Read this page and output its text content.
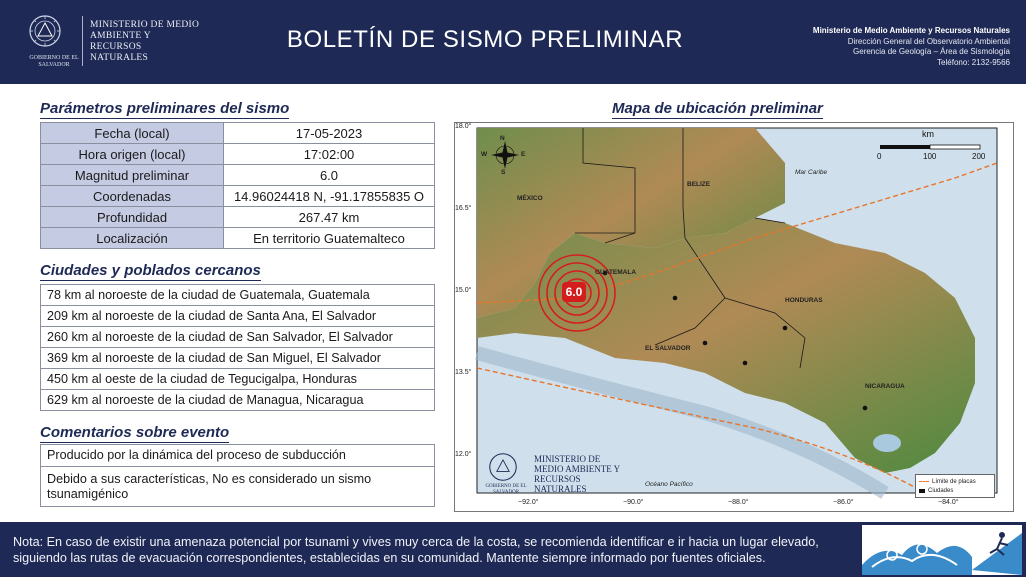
GOBIERNO DE EL SALVADOR
MINISTERIO DE MEDIO AMBIENTE Y RECURSOS NATURALES
BOLETÍN DE SISMO PRELIMINAR	Ministerio de Medio Ambiente y Recursos Naturales
Dirección General del Observatorio Ambiental
Gerencia de Geología – Área de Sismología
Teléfono: 2132-9566
Parámetros preliminares del sismo
Fecha (local)	17-05-2023
Hora origen (local)	17:02:00
Magnitud preliminar	6.0
Coordenadas	14.96024418 N, -91.17855835 O
Profundidad	267.47 km
Localización	En territorio Guatemalteco
Ciudades y poblados cercanos
78 km al noroeste de la ciudad de Guatemala, Guatemala
209 km al noroeste de la ciudad de Santa Ana, El Salvador
260 km al noroeste de la ciudad de San Salvador, El Salvador
369 km al noroeste de la ciudad de San Miguel, El Salvador
450 km al oeste de la ciudad de Tegucigalpa, Honduras
629 km al noroeste de la ciudad de Managua, Nicaragua
Comentarios sobre evento
Producido por la dinámica del proceso de subducción
Debido a sus características, No es considerado un sismo tsunamigénico
Mapa de ubicación preliminar
N
W	E
S
km
0	100	200
MÉXICO
BELIZE
GUATEMALA
HONDURAS
EL SALVADOR
NICARAGUA
Mar Caribe
Océano Pacífico
18.0°
16.5°
15.0°
13.5°
12.0°
−92.0°	−90.0°	−88.0°	−86.0°	−84.0°
6.0
Límite de placas
Ciudades
GOBIERNO DE EL SALVADOR
MINISTERIO DE MEDIO AMBIENTE Y RECURSOS NATURALES
Nota: En caso de existir una amenaza potencial por tsunami y vives muy cerca de la costa, se recomienda identificar e ir hacia un lugar elevado, siguiendo las rutas de evacuación correspondientes, establecidas en su comunidad. Mantente siempre informado por fuentes oficiales.
